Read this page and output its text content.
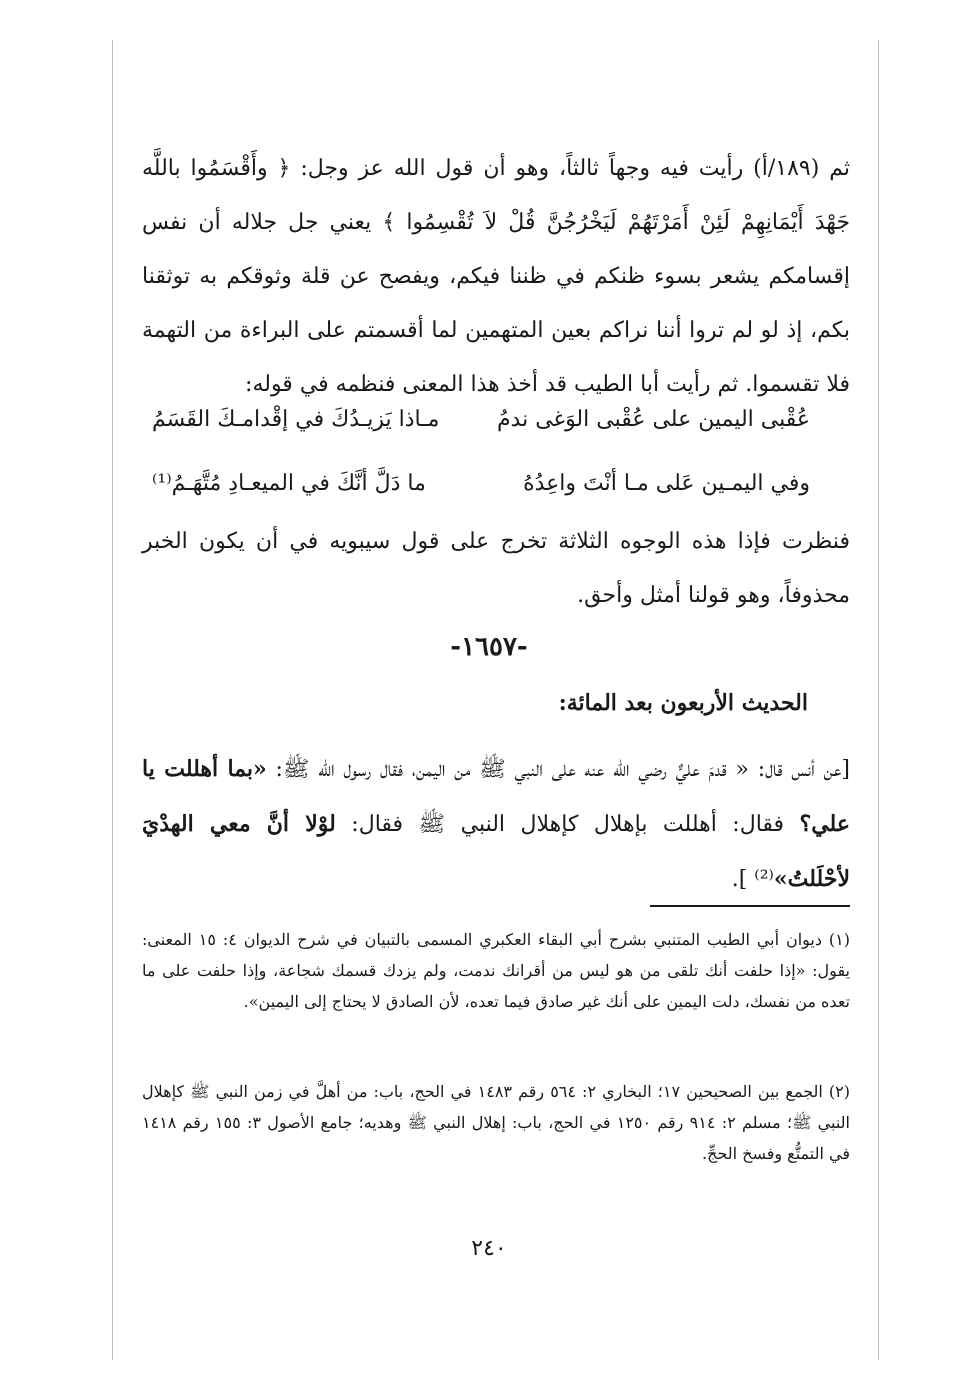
ثم (١٨٩/أ) رأيت فيه وجهاً ثالثاً، وهو أن قول الله عز وجل: ﴿ وأَقْسَمُوا باللَّه جَهْدَ أَيْمَانِهِمْ لَئِنْ أَمَرْتَهُمْ لَيَخْرُجُنَّ قُلْ لاَ تُقْسِمُوا ﴾ يعني جل جلاله أن نفس إقسامكم يشعر بسوء ظنكم في ظننا فيكم، ويفصح عن قلة وثوقكم به توثقنا بكم، إذ لو لم تروا أننا نراكم بعين المتهمين لما أقسمتم على البراءة من التهمة فلا تقسموا. ثم رأيت أبا الطيب قد أخذ هذا المعنى فنظمه في قوله:

عُقْبى اليمين على عُقْبى الوَغى ندمُ
مـاذا يَزيـدُكَ في إقْدامـكَ القَسَمُ
وفي اليمـين عَلى مـا أنْتَ واعِدُهُ
ما دَلَّ أنَّكَ في الميعـادِ مُتَّهَـمُ⁽¹⁾

فنظرت فإذا هذه الوجوه الثلاثة تخرج على قول سيبويه في أن يكون الخبر محذوفاً، وهو قولنا أمثل وأحق.

-١٦٥٧-
الحديث الأربعون بعد المائة:

[عن أنس قال: « قدمَ عليٌّ رضي الله عنه على النبي ﷺ من اليمن، فقال رسول الله ﷺ: «بما أهللت يا علي؟ فقال: أهللت بإهلال كإهلال النبي ﷺ فقال: لوْلا أنَّ معي الهدْيَ لأحْلَلتُ»⁽²⁾ ].

(١) ديوان أبي الطيب المتنبي بشرح أبي البقاء العكبري المسمى بالتبيان في شرح الديوان ٤: ١٥ المعنى: يقول: «إذا حلفت أنك تلقى من هو ليس من أقرانك ندمت، ولم يزدك قسمك شجاعة، وإذا حلفت على ما تعده من نفسك، دلت اليمين على أنك غير صادق فيما تعده، لأن الصادق لا يحتاج إلى اليمين».

(٢) الجمع بين الصحيحين ١٧؛ البخاري ٢: ٥٦٤ رقم ١٤٨٣ في الحج، باب: من أهلَّ في زمن النبي ﷺ كإهلال النبي ﷺ؛ مسلم ٢: ٩١٤ رقم ١٢٥٠ في الحج، باب: إهلال النبي ﷺ وهديه؛ جامع الأصول ٣: ١٥٥ رقم ١٤١٨ في التمتُّع وفسخ الحجِّ.

٢٤٠
